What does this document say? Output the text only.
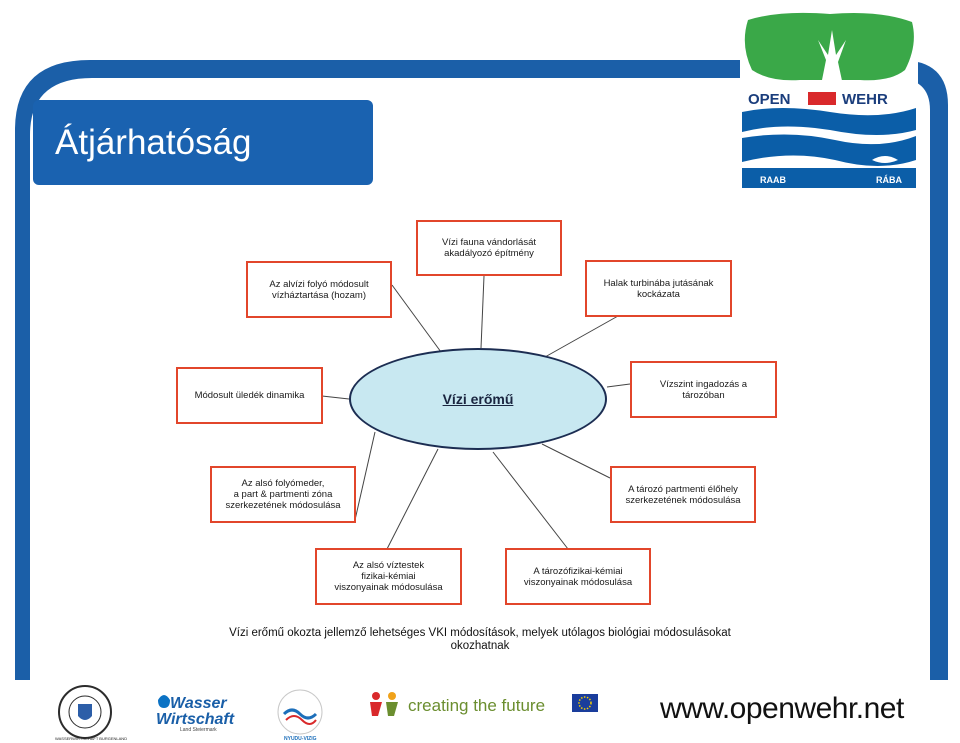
OPEN	WEHR
RAAB	RÁBA
Wasser
Wirtschaft
Land Steiermark
WASSERWIRTSCHAFT BURGENLAND	NYUDU-VIZIG
Átjárhatóság
Vízi fauna vándorlását
akadályozó építmény
Az alvízi folyó módosult
vízháztartása (hozam)
Halak turbinába jutásának
kockázata
Módosult üledék dinamika
Vízszint ingadozás a
tározóban
Az alsó folyómeder,
a part & partmenti zóna
szerkezetének módosulása
A tározó partmenti élőhely
szerkezetének módosulása
Az alsó víztestek
fizikai-kémiai
viszonyainak módosulása
A tározófizikai-kémiai
viszonyainak módosulása
Vízi erőmű
Vízi erőmű okozta jellemző lehetséges VKI módosítások, melyek utólagos biológiai módosulásokat okozhatnak
creating the future	www.openwehr.net
